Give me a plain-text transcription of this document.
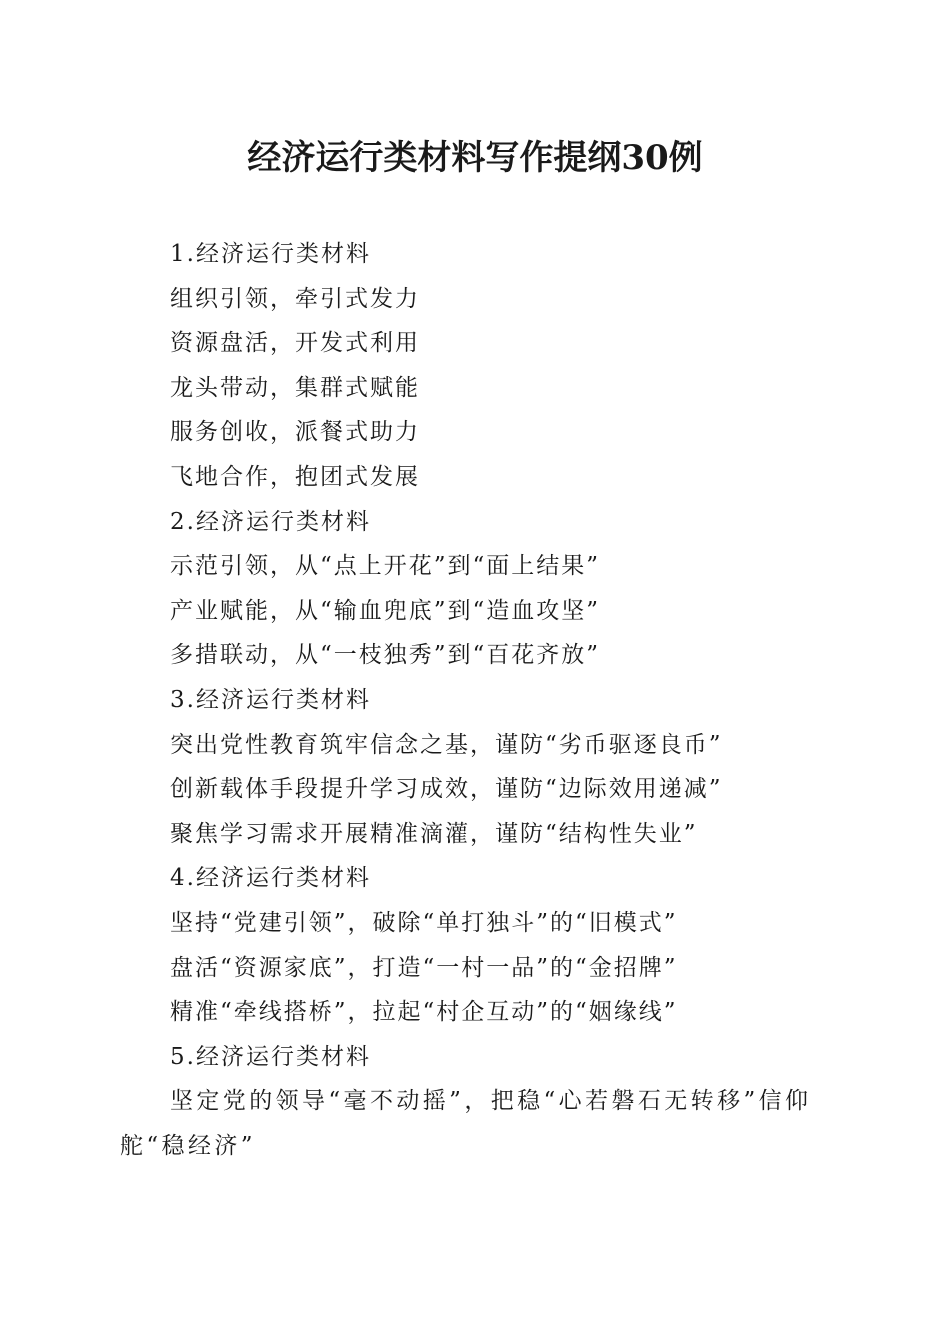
经济运行类材料写作提纲30例
1.经济运行类材料
组织引领，牵引式发力
资源盘活，开发式利用
龙头带动，集群式赋能
服务创收，派餐式助力
飞地合作，抱团式发展
2.经济运行类材料
示范引领，从“点上开花”到“面上结果”
产业赋能，从“输血兜底”到“造血攻坚”
多措联动，从“一枝独秀”到“百花齐放”
3.经济运行类材料
突出党性教育筑牢信念之基，谨防“劣币驱逐良币”
创新载体手段提升学习成效，谨防“边际效用递减”
聚焦学习需求开展精准滴灌，谨防“结构性失业”
4.经济运行类材料
坚持“党建引领”，破除“单打独斗”的“旧模式”
盘活“资源家底”，打造“一村一品”的“金招牌”
精准“牵线搭桥”，拉起“村企互动”的“姻缘线”
5.经济运行类材料
坚定党的领导“毫不动摇”，把稳“心若磐石无转移”信仰舵“稳经济”
